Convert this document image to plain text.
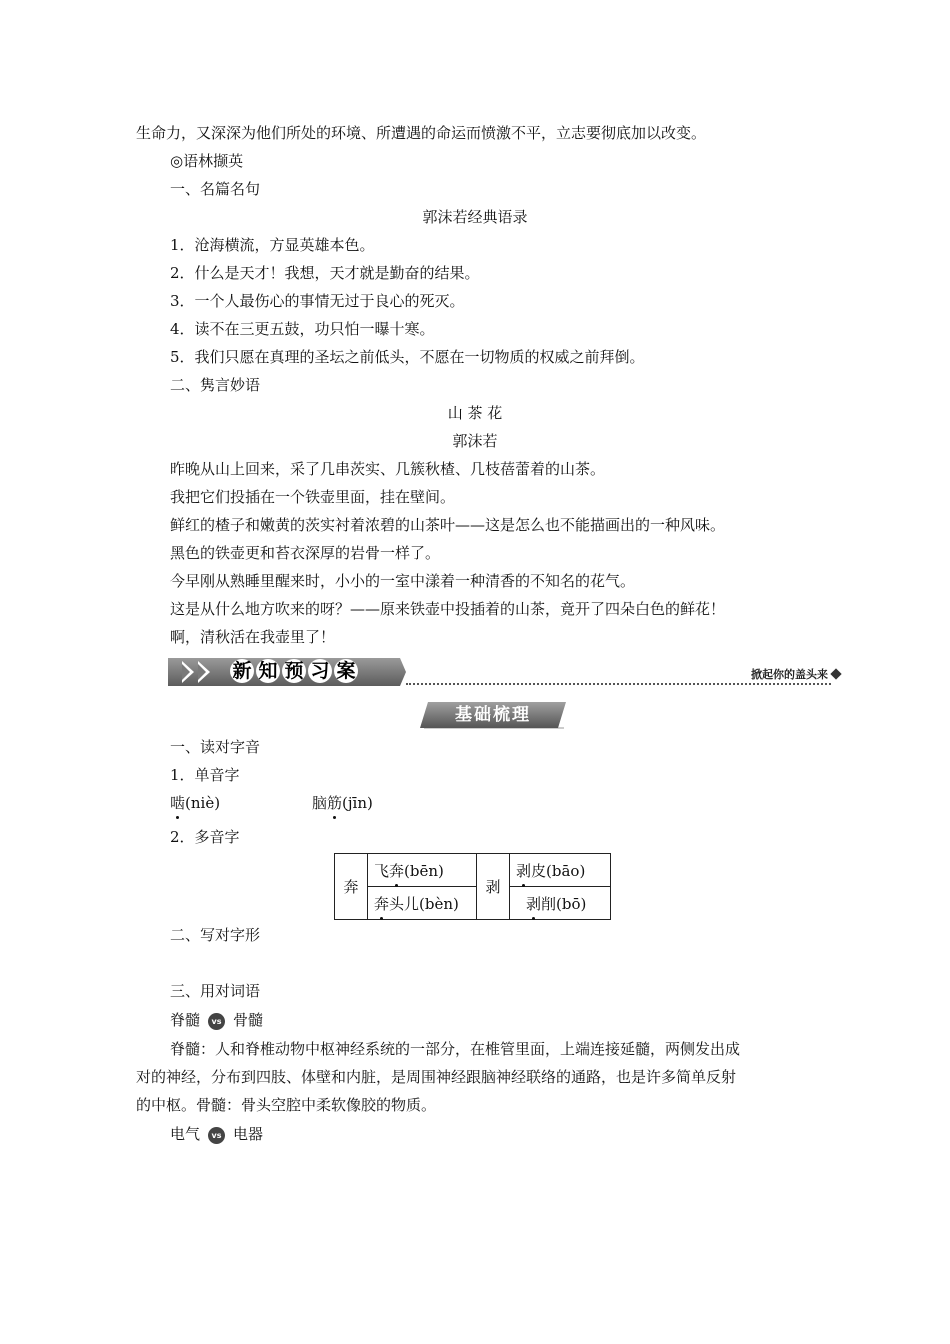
生命力，又深深为他们所处的环境、所遭遇的命运而愤激不平，立志要彻底加以改变。
◎语林撷英
一、名篇名句
郭沫若经典语录
1．沧海横流，方显英雄本色。
2．什么是天才！我想，天才就是勤奋的结果。
3．一个人最伤心的事情无过于良心的死灭。
4．读不在三更五鼓，功只怕一曝十寒。
5．我们只愿在真理的圣坛之前低头，不愿在一切物质的权威之前拜倒。
二、隽言妙语
山 茶 花
郭沫若
昨晚从山上回来，采了几串茨实、几簇秋楂、几枝蓓蕾着的山茶。
我把它们投插在一个铁壶里面，挂在壁间。
鲜红的楂子和嫩黄的茨实衬着浓碧的山茶叶——这是怎么也不能描画出的一种风味。
黑色的铁壶更和苔衣深厚的岩骨一样了。
今早刚从熟睡里醒来时，小小的一室中漾着一种清香的不知名的花气。
这是从什么地方吹来的呀？——原来铁壶中投插着的山茶，竟开了四朵白色的鲜花！
啊，清秋活在我壶里了！
新 知 预 习 案	掀起你的盖头来
基础梳理
一、读对字音
1．单音字
啮(niè)	脑筋(jīn)
2．多音字
奔	飞奔(bēn)	剥	剥皮(bāo)
	奔头儿(bèn)		剥削(bō)
二、写对字形
三、用对词语
脊髓 vs 骨髓
脊髓：人和脊椎动物中枢神经系统的一部分，在椎管里面，上端连接延髓，两侧发出成
对的神经，分布到四肢、体壁和内脏，是周围神经跟脑神经联络的通路，也是许多简单反射
的中枢。骨髓：骨头空腔中柔软像胶的物质。
电气 vs 电器
